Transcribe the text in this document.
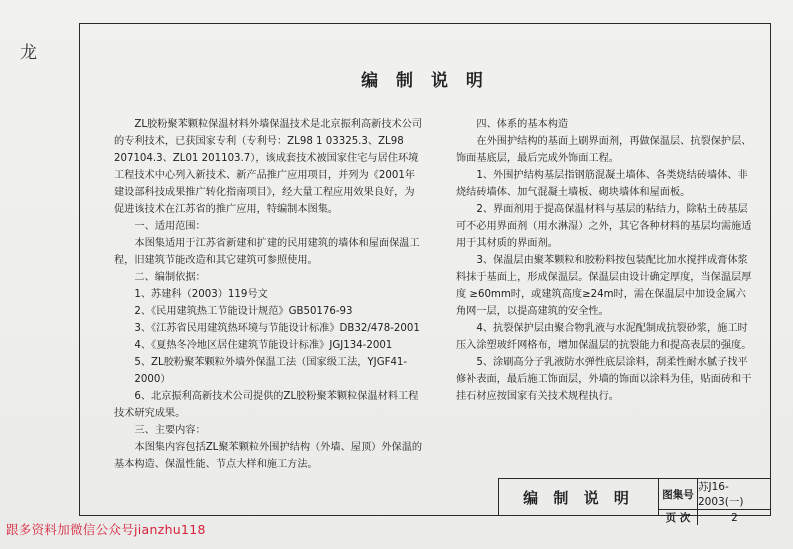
龙
编 制 说 明

ZL胶粉聚苯颗粒保温材料外墙保温技术是北京振利高新技术公司的专利技术，已获国家专利（专利号：ZL98 1 03325.3、ZL98 207104.3、ZL01 201103.7），该成套技术被国家住宅与居住环境工程技术中心列入新技术、新产品推广应用项目，并列为《2001年建设部科技成果推广转化指南项目》，经大量工程应用效果良好，为促进该技术在江苏省的推广应用，特编制本图集。

一、适用范围：

本图集适用于江苏省新建和扩建的民用建筑的墙体和屋面保温工程，旧建筑节能改造和其它建筑可参照使用。

二、编制依据：

1、苏建科（2003）119号文

2、《民用建筑热工节能设计规范》GB50176-93

3、《江苏省民用建筑热环境与节能设计标准》DB32/478-2001

4、《夏热冬冷地区居住建筑节能设计标准》JGJ134-2001

5、ZL胶粉聚苯颗粒外墙外保温工法（国家级工法，YJGF41-2000）

6、北京振利高新技术公司提供的ZL胶粉聚苯颗粒保温材料工程技术研究成果。

三、主要内容：

本图集内容包括ZL聚苯颗粒外围护结构（外墙、屋顶）外保温的基本构造、保温性能、节点大样和施工方法。

四、体系的基本构造

在外围护结构的基面上刷界面剂，再做保温层、抗裂保护层、饰面基底层，最后完成外饰面工程。

1、外围护结构基层指钢筋混凝土墙体、各类烧结砖墙体、非烧结砖墙体、加气混凝土墙板、砌块墙体和屋面板。

2、界面剂用于提高保温材料与基层的粘结力，除粘土砖基层可不必用界面剂（用水淋湿）之外，其它各种材料的基层均需施适用于其材质的界面剂。

3、保温层由聚苯颗粒和胶粉料按包装配比加水搅拌成膏体浆料抹于基面上，形成保温层。保温层由设计确定厚度，当保温层厚度 ≥60mm时，或建筑高度≥24m时，需在保温层中加设金属六角网一层，以提高建筑的安全性。

4、抗裂保护层由聚合物乳液与水泥配制成抗裂砂浆，施工时压入涂塑玻纤网格布，增加保温层的抗裂能力和提高表层的强度。

5、涂刷高分子乳液防水弹性底层涂料，刮柔性耐水腻子找平修补表面，最后施工饰面层，外墙的饰面以涂料为佳，贴面砖和干挂石材应按国家有关技术规程执行。

编 制 说 明	图集号
苏J16-2003(一)
页 次	2
跟多资料加微信公众号jianzhu118
